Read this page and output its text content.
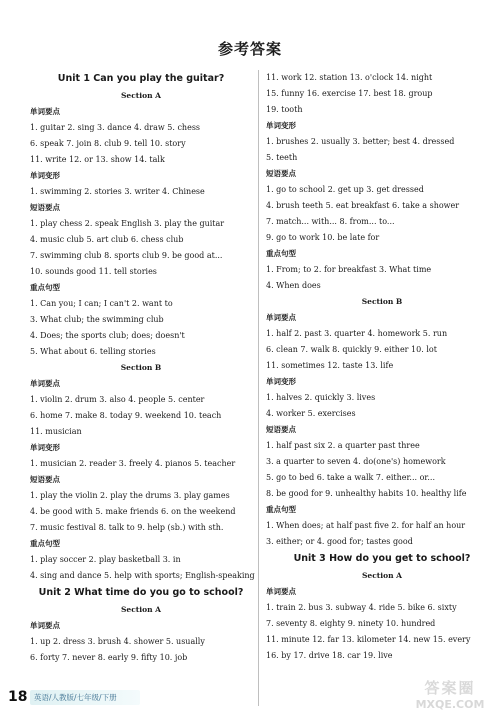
参考答案
Unit 1 Can you play the guitar?
Section A
单词要点
1. guitar 2. sing 3. dance 4. draw 5. chess
6. speak 7. join 8. club 9. tell 10. story
11. write 12. or 13. show 14. talk
单词变形
1. swimming 2. stories 3. writer 4. Chinese
短语要点
1. play chess 2. speak English 3. play the guitar
4. music club 5. art club 6. chess club
7. swimming club 8. sports club 9. be good at...
10. sounds good 11. tell stories
重点句型
1. Can you; I can; I can't 2. want to
3. What club; the swimming club
4. Does; the sports club; does; doesn't
5. What about 6. telling stories
Section B
单词要点
1. violin 2. drum 3. also 4. people 5. center
6. home 7. make 8. today 9. weekend 10. teach
11. musician
单词变形
1. musician 2. reader 3. freely 4. pianos 5. teacher
短语要点
1. play the violin 2. play the drums 3. play games
4. be good with 5. make friends 6. on the weekend
7. music festival 8. talk to 9. help (sb.) with sth.
重点句型
1. play soccer 2. play basketball 3. in
4. sing and dance 5. help with sports; English-speaking
Unit 2 What time do you go to school?
Section A
单词要点
1. up 2. dress 3. brush 4. shower 5. usually
6. forty 7. never 8. early 9. fifty 10. job
11. work 12. station 13. o'clock 14. night
15. funny 16. exercise 17. best 18. group
19. tooth
单词变形
1. brushes 2. usually 3. better; best 4. dressed
5. teeth
短语要点
1. go to school 2. get up 3. get dressed
4. brush teeth 5. eat breakfast 6. take a shower
7. match... with... 8. from... to...
9. go to work 10. be late for
重点句型
1. From; to 2. for breakfast 3. What time
4. When does
Section B
单词要点
1. half 2. past 3. quarter 4. homework 5. run
6. clean 7. walk 8. quickly 9. either 10. lot
11. sometimes 12. taste 13. life
单词变形
1. halves 2. quickly 3. lives
4. worker 5. exercises
短语要点
1. half past six 2. a quarter past three
3. a quarter to seven 4. do(one's) homework
5. go to bed 6. take a walk 7. either... or...
8. be good for 9. unhealthy habits 10. healthy life
重点句型
1. When does; at half past five 2. for half an hour
3. either; or 4. good for; tastes good
Unit 3 How do you get to school?
Section A
单词要点
1. train 2. bus 3. subway 4. ride 5. bike 6. sixty
7. seventy 8. eighty 9. ninety 10. hundred
11. minute 12. far 13. kilometer 14. new 15. every
16. by 17. drive 18. car 19. live
18 英语/人教版/七年级/下册
答案圈
MXQE.COM
